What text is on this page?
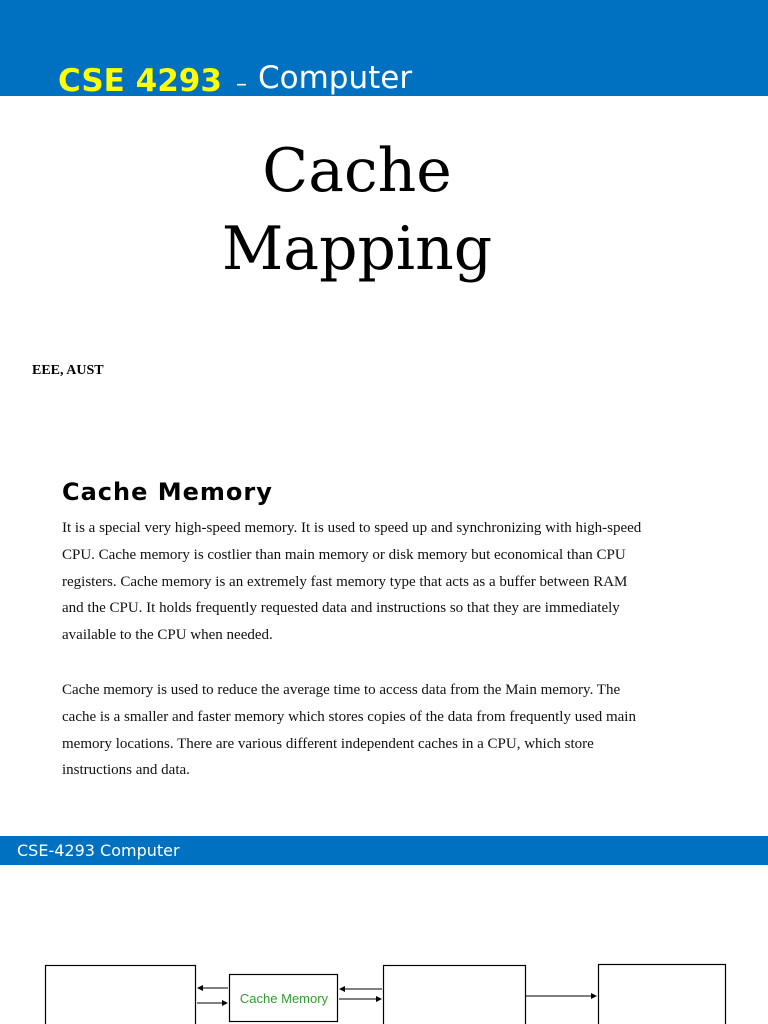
CSE 4293 – Computer
Cache
Mapping
EEE, AUST
Cache Memory
It is a special very high-speed memory. It is used to speed up and synchronizing with high-speed
CPU. Cache memory is costlier than main memory or disk memory but economical than CPU
registers. Cache memory is an extremely fast memory type that acts as a buffer between RAM
and the CPU. It holds frequently requested data and instructions so that they are immediately
available to the CPU when needed.
Cache memory is used to reduce the average time to access data from the Main memory. The
cache is a smaller and faster memory which stores copies of the data from frequently used main
memory locations. There are various different independent caches in a CPU, which store
instructions and data.
CSE-4293 Computer
Cache Memory
